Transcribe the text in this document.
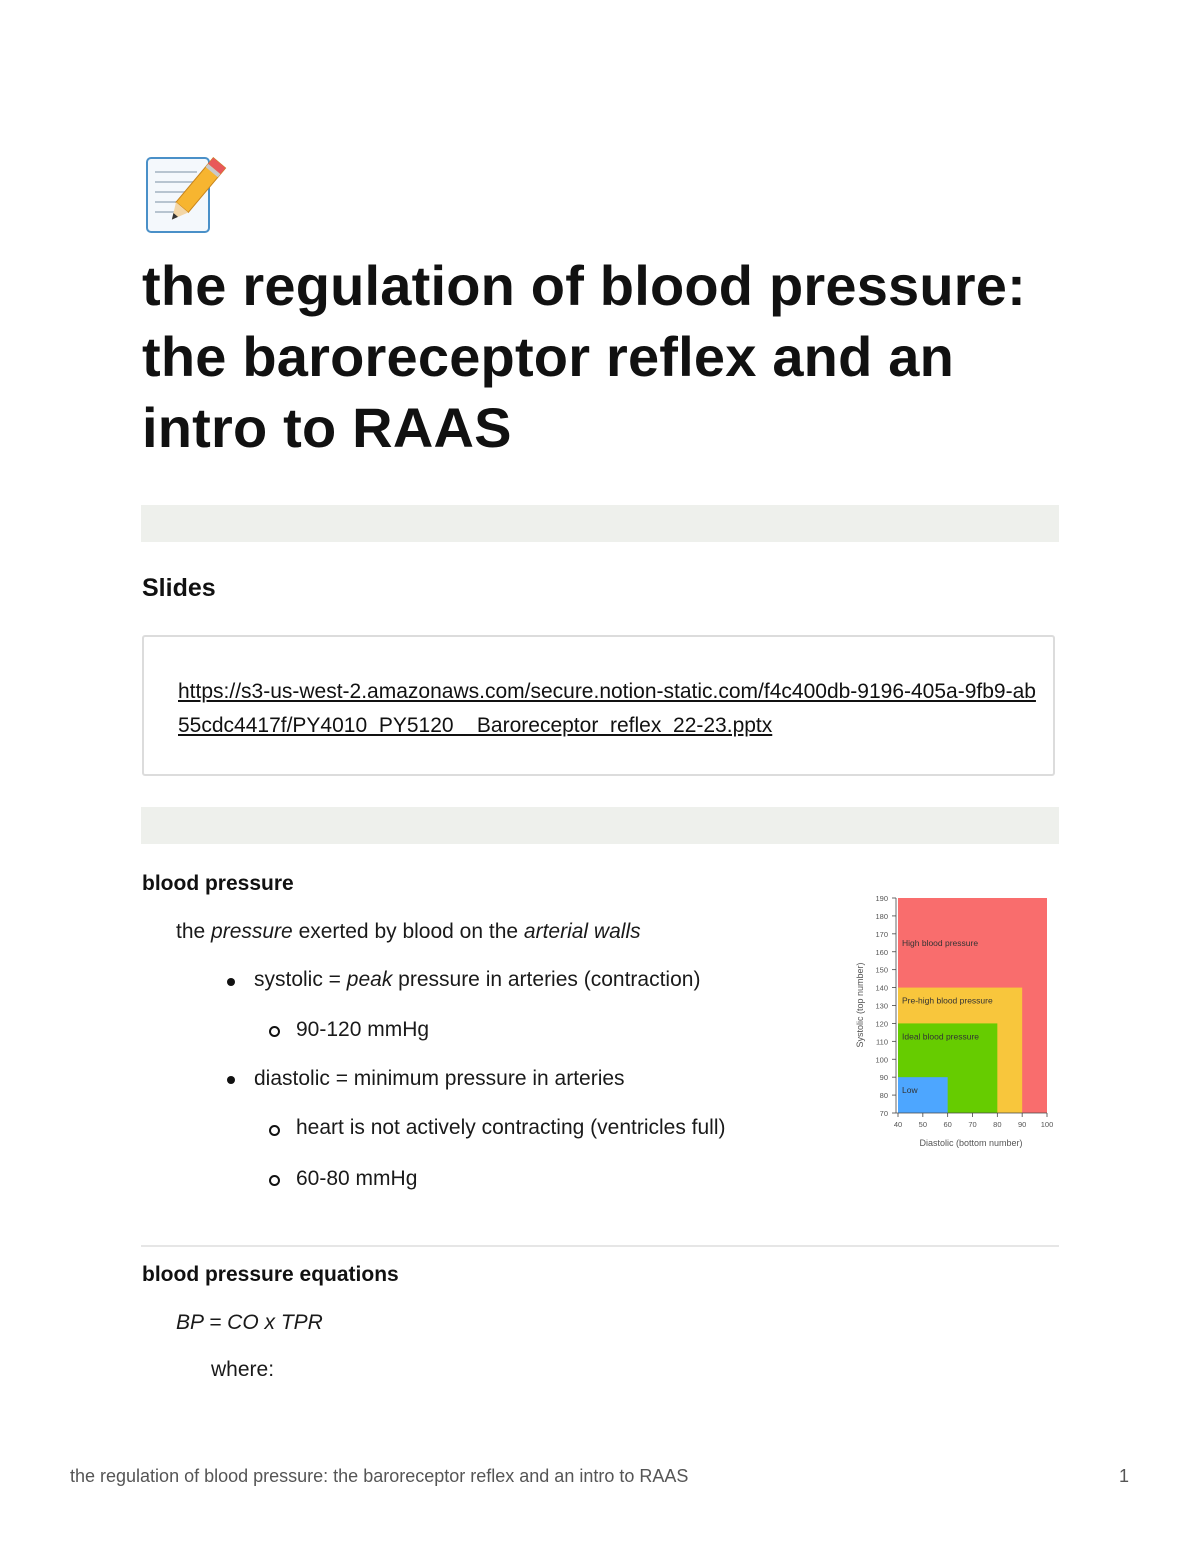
the regulation of blood pressure: the baroreceptor reflex and an intro to RAAS
Slides
https://s3-us-west-2.amazonaws.com/secure.notion-static.com/f4c400db-9196-405a-9fb9-ab55cdc4417f/PY4010_PY5120__Baroreceptor_reflex_22-23.pptx
blood pressure
the pressure exerted by blood on the arterial walls
systolic = peak pressure in arteries (contraction)
90-120 mmHg
diastolic = minimum pressure in arteries
heart is not actively contracting (ventricles full)
60-80 mmHg
High blood pressure
Pre-high blood pressure
Ideal blood pressure
Low
70
80
90
100
110
120
130
140
150
160
170
180
190
40 50 60 70 80 90 100
Diastolic (bottom number)
Systolic (top number)
blood pressure equations
BP = CO x TPR
where:
the regulation of blood pressure: the baroreceptor reflex and an intro to RAAS	1
